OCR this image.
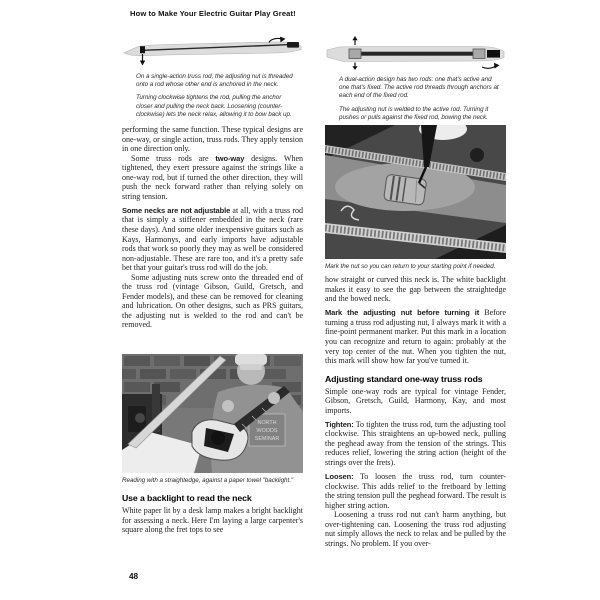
How to Make Your Electric Guitar Play Great!
On a single-action truss rod, the adjusting nut is threaded onto a rod whose other end is anchored in the neck.
Turning clockwise tightens the rod, pulling the anchor closer and pulling the neck back. Loosening (counter-clockwise) lets the neck relax, allowing it to bow back up.

performing the same function. These typical designs are one-way, or single action, truss rods. They apply tension in one direction only.

Some truss rods are two-way designs. When tightened, they exert pressure against the strings like a one-way rod, but if turned the other direction, they will push the neck forward rather than relying solely on string tension.

Some necks are not adjustable at all, with a truss rod that is simply a stiffener embedded in the neck (rare these days). And some older inexpensive guitars such as Kays, Harmonys, and early imports have adjustable rods that work so poorly they may as well be considered non-adjustable. These are rare too, and it's a pretty safe bet that your guitar's truss rod will do the job.

Some adjusting nuts screw onto the threaded end of the truss rod (vintage Gibson, Guild, Gretsch, and Fender models), and these can be removed for cleaning and lubrication. On other designs, such as PRS guitars, the adjusting nut is welded to the rod and can't be removed.

NORTH
WOODS
SEMINAR
Reading with a straightedge, against a paper towel "backlight."
Use a backlight to read the neck

White paper lit by a desk lamp makes a bright backlight for assessing a neck. Here I'm laying a large carpenter's square along the fret tops to see

A dual-action design has two rods: one that's active and one that's fixed. The active rod threads through anchors at each end of the fixed rod.
The adjusting nut is welded to the active rod. Turning it pushes or pulls against the fixed rod, bowing the neck.
Mark the nut so you can return to your starting point if needed.

how straight or curved this neck is. The white backlight makes it easy to see the gap between the straightedge and the bowed neck.

Mark the adjusting nut before turning it Before turning a truss rod adjusting nut, I always mark it with a fine-point permanent marker. Put this mark in a location you can recognize and return to again: probably at the very top center of the nut. When you tighten the nut, this mark will show how far you've turned it.

Adjusting standard one-way truss rods

Simple one-way rods are typical for vintage Fender, Gibson, Gretsch, Guild, Harmony, Kay, and most imports.

Tighten: To tighten the truss rod, turn the adjusting tool clockwise. This straightens an up-bowed neck, pulling the peghead away from the tension of the strings. This reduces relief, lowering the string action (height of the strings over the frets).

Loosen: To loosen the truss rod, turn counter-clockwise. This adds relief to the fretboard by letting the string tension pull the peghead forward. The result is higher string action.

Loosening a truss rod nut can't harm anything, but over-tightening can. Loosening the truss rod adjusting nut simply allows the neck to relax and be pulled by the strings. No problem. If you over-

48
